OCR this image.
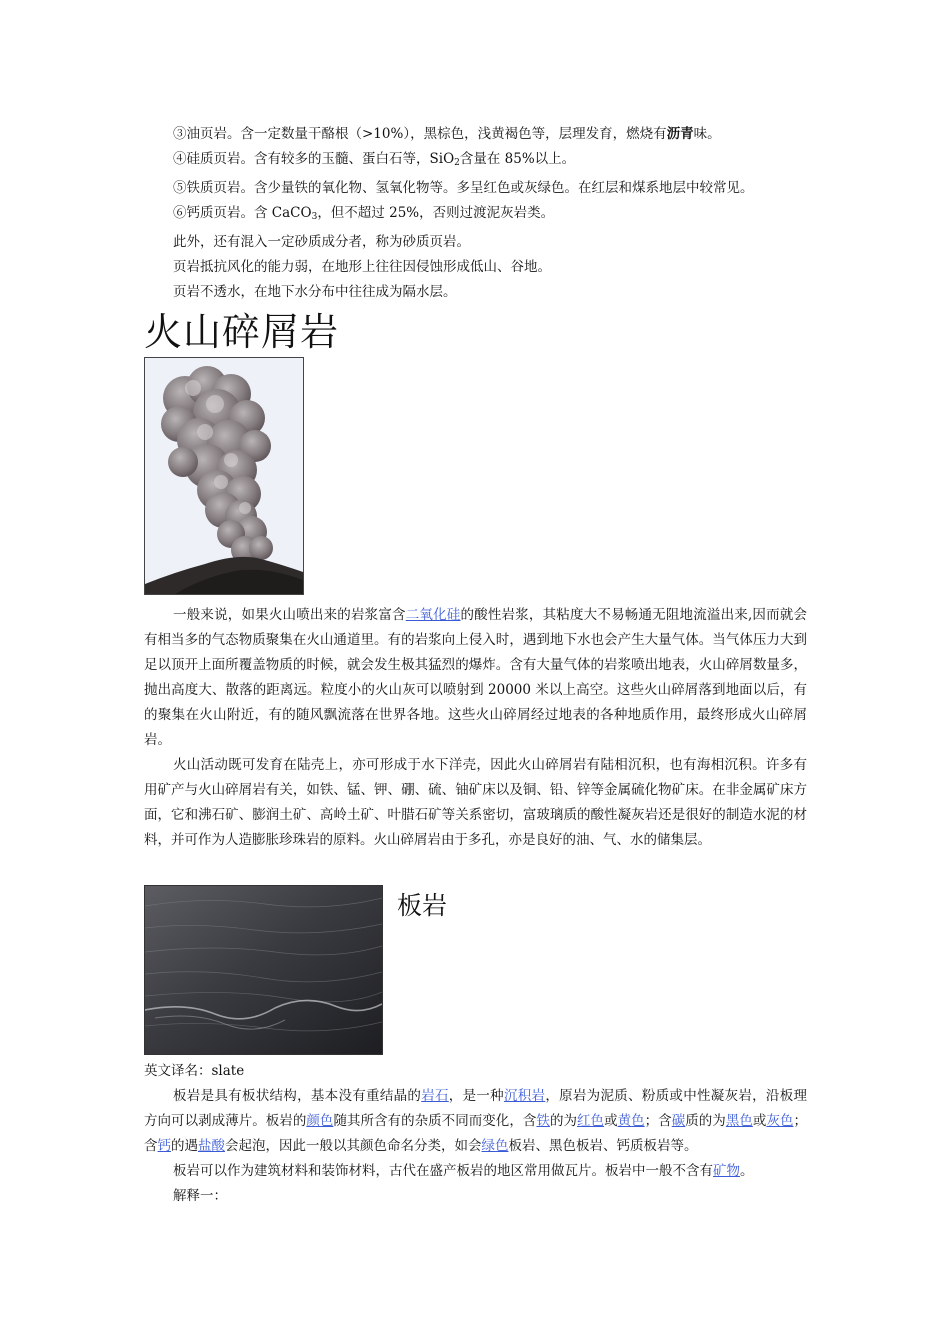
③油页岩。含一定数量干酪根（>10%），黑棕色，浅黄褐色等，层理发育，燃烧有沥青味。

④硅质页岩。含有较多的玉髓、蛋白石等，SiO$_2$含量在 85%以上。

⑤铁质页岩。含少量铁的氧化物、氢氧化物等。多呈红色或灰绿色。在红层和煤系地层中较常见。

⑥钙质页岩。含 CaCO$_3$，但不超过 25%，否则过渡泥灰岩类。

此外，还有混入一定砂质成分者，称为砂质页岩。

页岩抵抗风化的能力弱，在地形上往往因侵蚀形成低山、谷地。

页岩不透水，在地下水分布中往往成为隔水层。

火山碎屑岩

一般来说，如果火山喷出来的岩浆富含二氧化硅的酸性岩浆，其粘度大不易畅通无阻地流溢出来,因而就会有相当多的气态物质聚集在火山通道里。有的岩浆向上侵入时，遇到地下水也会产生大量气体。当气体压力大到足以顶开上面所覆盖物质的时候，就会发生极其猛烈的爆炸。含有大量气体的岩浆喷出地表，火山碎屑数量多，抛出高度大、散落的距离远。粒度小的火山灰可以喷射到 20000 米以上高空。这些火山碎屑落到地面以后，有的聚集在火山附近，有的随风飘流落在世界各地。这些火山碎屑经过地表的各种地质作用，最终形成火山碎屑岩。

火山活动既可发育在陆壳上，亦可形成于水下洋壳，因此火山碎屑岩有陆相沉积，也有海相沉积。许多有用矿产与火山碎屑岩有关，如铁、锰、钾、硼、硫、铀矿床以及铜、铅、锌等金属硫化物矿床。在非金属矿床方面，它和沸石矿、膨润土矿、高岭土矿、叶腊石矿等关系密切，富玻璃质的酸性凝灰岩还是很好的制造水泥的材料，并可作为人造膨胀珍珠岩的原料。火山碎屑岩由于多孔，亦是良好的油、气、水的储集层。

板岩

英文译名：slate

板岩是具有板状结构，基本没有重结晶的岩石，是一种沉积岩，原岩为泥质、粉质或中性凝灰岩，沿板理方向可以剥成薄片。板岩的颜色随其所含有的杂质不同而变化，含铁的为红色或黄色；含碳质的为黑色或灰色；含钙的遇盐酸会起泡，因此一般以其颜色命名分类，如会绿色板岩、黑色板岩、钙质板岩等。

板岩可以作为建筑材料和装饰材料，古代在盛产板岩的地区常用做瓦片。板岩中一般不含有矿物。

解释一：
